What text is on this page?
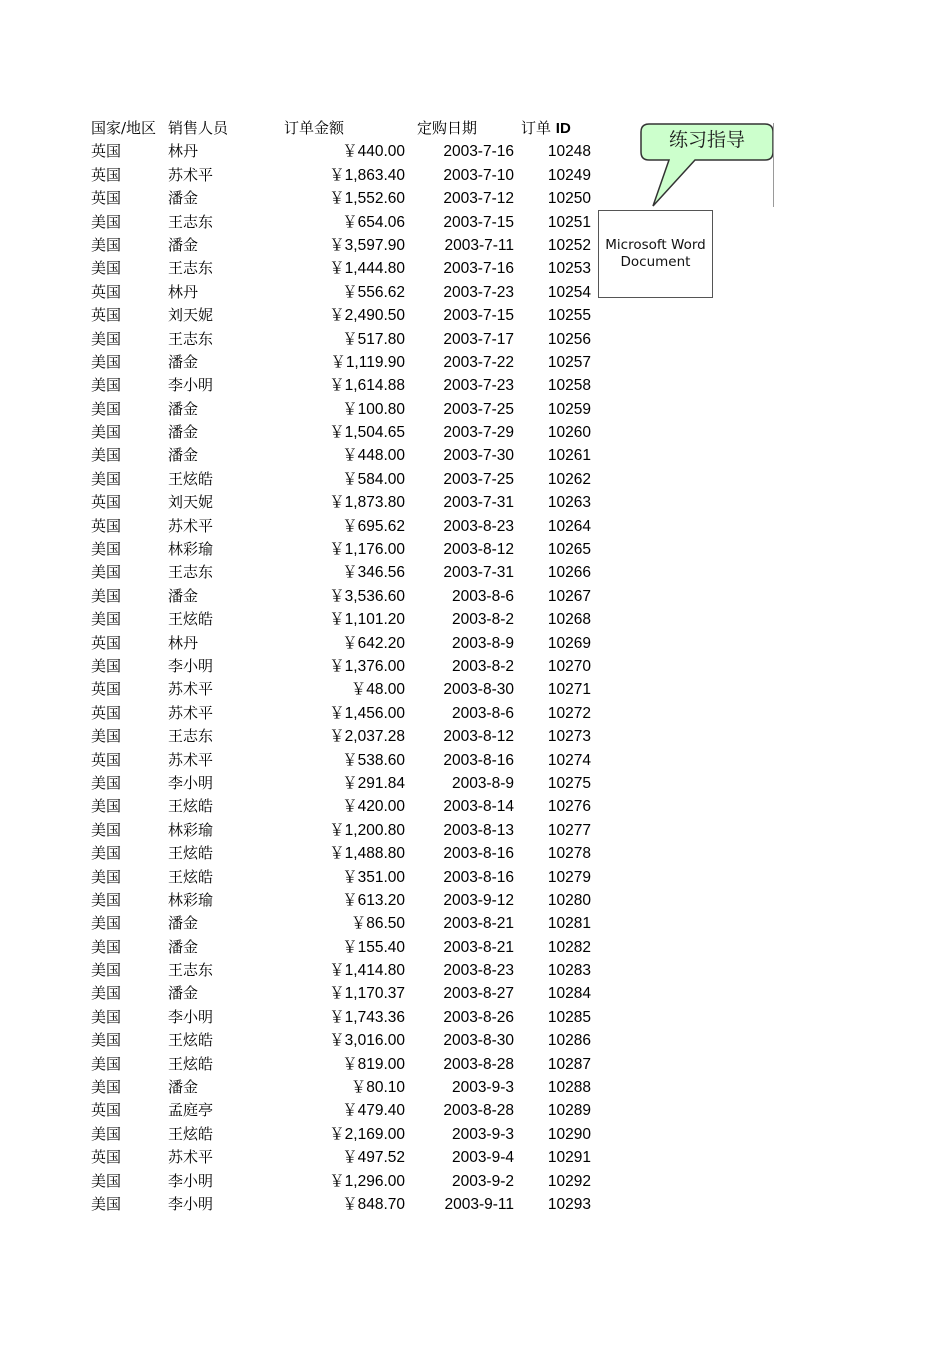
国家/地区 销售人员	订单金额	定购日期	订单 ID
英国	林丹	￥440.00 2003-7-16 10248
英国	苏术平	￥1,863.40 2003-7-10 10249
英国	潘金	￥1,552.60 2003-7-12 10250
美国	王志东	￥654.06 2003-7-15 10251
美国	潘金	￥3,597.90	2003-7-11 10252
美国	王志东	￥1,444.80 2003-7-16 10253
英国	林丹	￥556.62 2003-7-23 10254
英国	刘天妮	￥2,490.50 2003-7-15 10255
美国	王志东	￥517.80 2003-7-17 10256
美国	潘金	￥1,119.90 2003-7-22 10257
美国	李小明	￥1,614.88 2003-7-23 10258
美国	潘金	￥100.80 2003-7-25 10259
美国	潘金	￥1,504.65 2003-7-29 10260
美国	潘金	￥448.00 2003-7-30 10261
美国	王炫皓	￥584.00 2003-7-25 10262
英国	刘天妮	￥1,873.80 2003-7-31 10263
英国	苏术平	￥695.62 2003-8-23 10264
美国	林彩瑜	￥1,176.00 2003-8-12 10265
美国	王志东	￥346.56 2003-7-31 10266
美国	潘金	￥3,536.60	2003-8-6 10267
美国	王炫皓	￥1,101.20	2003-8-2 10268
英国	林丹	￥642.20	2003-8-9 10269
美国	李小明	￥1,376.00	2003-8-2 10270
英国	苏术平	￥48.00 2003-8-30 10271
英国	苏术平	￥1,456.00	2003-8-6 10272
美国	王志东	￥2,037.28 2003-8-12 10273
英国	苏术平	￥538.60 2003-8-16 10274
美国	李小明	￥291.84	2003-8-9 10275
美国	王炫皓	￥420.00 2003-8-14 10276
美国	林彩瑜	￥1,200.80 2003-8-13 10277
美国	王炫皓	￥1,488.80 2003-8-16 10278
美国	王炫皓	￥351.00 2003-8-16 10279
美国	林彩瑜	￥613.20 2003-9-12 10280
美国	潘金	￥86.50 2003-8-21 10281
美国	潘金	￥155.40 2003-8-21 10282
美国	王志东	￥1,414.80 2003-8-23 10283
美国	潘金	￥1,170.37 2003-8-27 10284
美国	李小明	￥1,743.36 2003-8-26 10285
美国	王炫皓	￥3,016.00 2003-8-30 10286
美国	王炫皓	￥819.00 2003-8-28 10287
美国	潘金	￥80.10	2003-9-3 10288
英国	孟庭亭	￥479.40 2003-8-28 10289
美国	王炫皓	￥2,169.00	2003-9-3 10290
英国	苏术平	￥497.52	2003-9-4 10291
美国	李小明	￥1,296.00	2003-9-2 10292
美国	李小明	￥848.70	2003-9-11 10293
练习指导
Microsoft Word
Document
